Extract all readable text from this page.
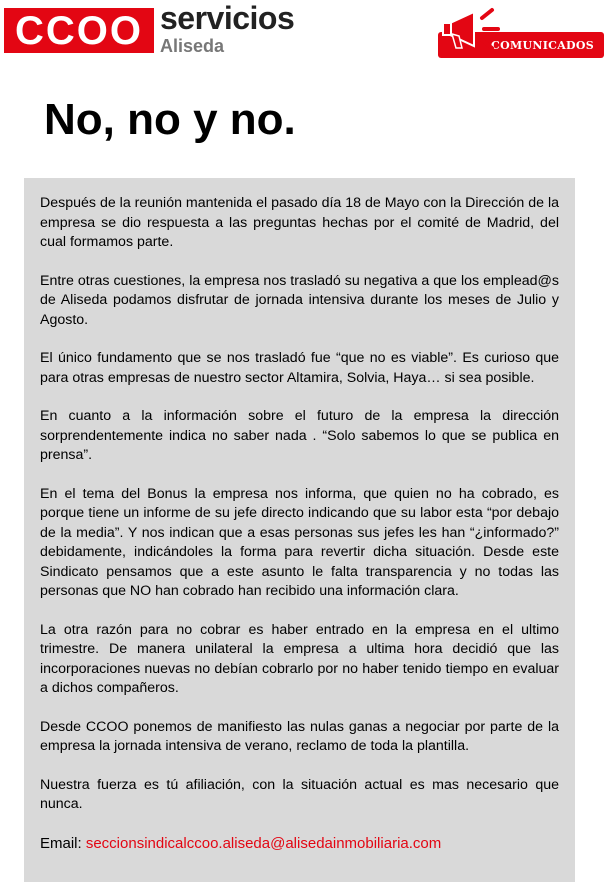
CCOO servicios
Aliseda	COMUNICADOS
No, no y no.

Después de la reunión mantenida el pasado día 18 de Mayo con la Dirección de la empresa se dio respuesta a las preguntas hechas por el comité de Madrid, del cual formamos parte.

Entre otras cuestiones, la empresa nos trasladó su negativa a que los emplead@s de Aliseda podamos disfrutar de jornada intensiva durante los meses de Julio y Agosto.

El único fundamento que se nos trasladó fue “que no es viable”. Es curioso que para otras empresas de nuestro sector Altamira, Solvia, Haya… si sea posible.

En cuanto a la información sobre el futuro de la empresa la dirección sorprendentemente indica no saber nada . “Solo sabemos lo que se publica en prensa”.

En el tema del Bonus la empresa nos informa, que quien no ha cobrado, es porque tiene un informe de su jefe directo indicando que su labor esta “por debajo de la media”. Y nos indican que a esas personas sus jefes les han “¿informado?” debidamente, indicándoles la forma para revertir dicha situación. Desde este Sindicato pensamos que a este asunto le falta transparencia y no todas las personas que NO han cobrado han recibido una información clara.

La otra razón para no cobrar es haber entrado en la empresa en el ultimo trimestre. De manera unilateral la empresa a ultima hora decidió que las incorporaciones nuevas no debían cobrarlo por no haber tenido tiempo en evaluar a dichos compañeros.

Desde CCOO ponemos de manifiesto las nulas ganas a negociar por parte de la empresa la jornada intensiva de verano, reclamo de toda la plantilla.

Nuestra fuerza es tú afiliación, con la situación actual es mas necesario que nunca.

Email: seccionsindicalccoo.aliseda@alisedainmobiliaria.com
